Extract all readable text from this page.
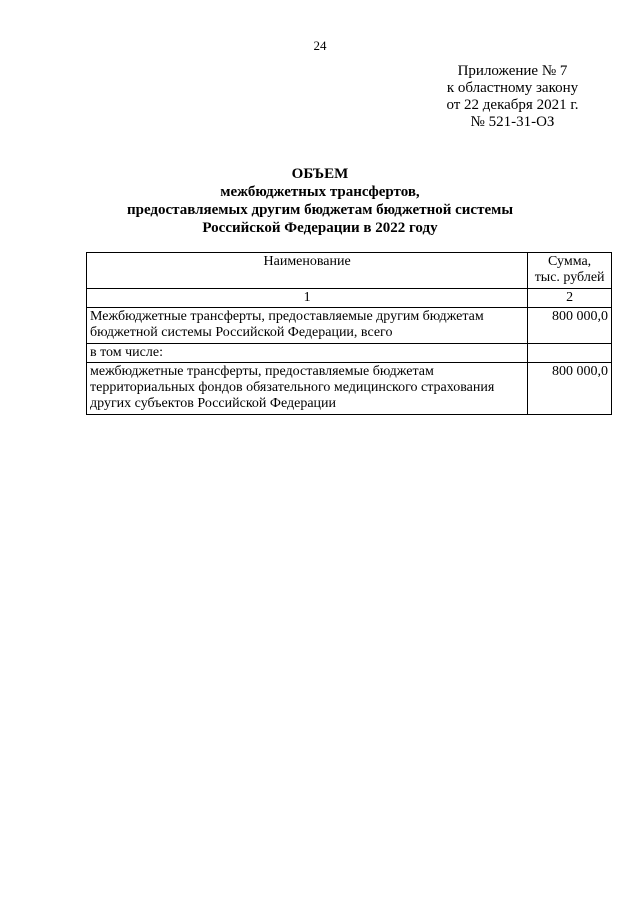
24
Приложение № 7
к областному закону
от 22 декабря 2021 г.
№ 521-31-ОЗ
ОБЪЕМ
межбюджетных трансфертов,
предоставляемых другим бюджетам бюджетной системы
Российской Федерации в 2022 году
Наименование	Сумма,
тыс. рублей

1	2
Межбюджетные трансферты, предоставляемые другим бюджетам бюджетной системы Российской Федерации, всего	800 000,0
в том числе:	
межбюджетные трансферты, предоставляемые бюджетам территориальных фондов обязательного медицинского страхования других субъектов Российской Федерации	800 000,0
